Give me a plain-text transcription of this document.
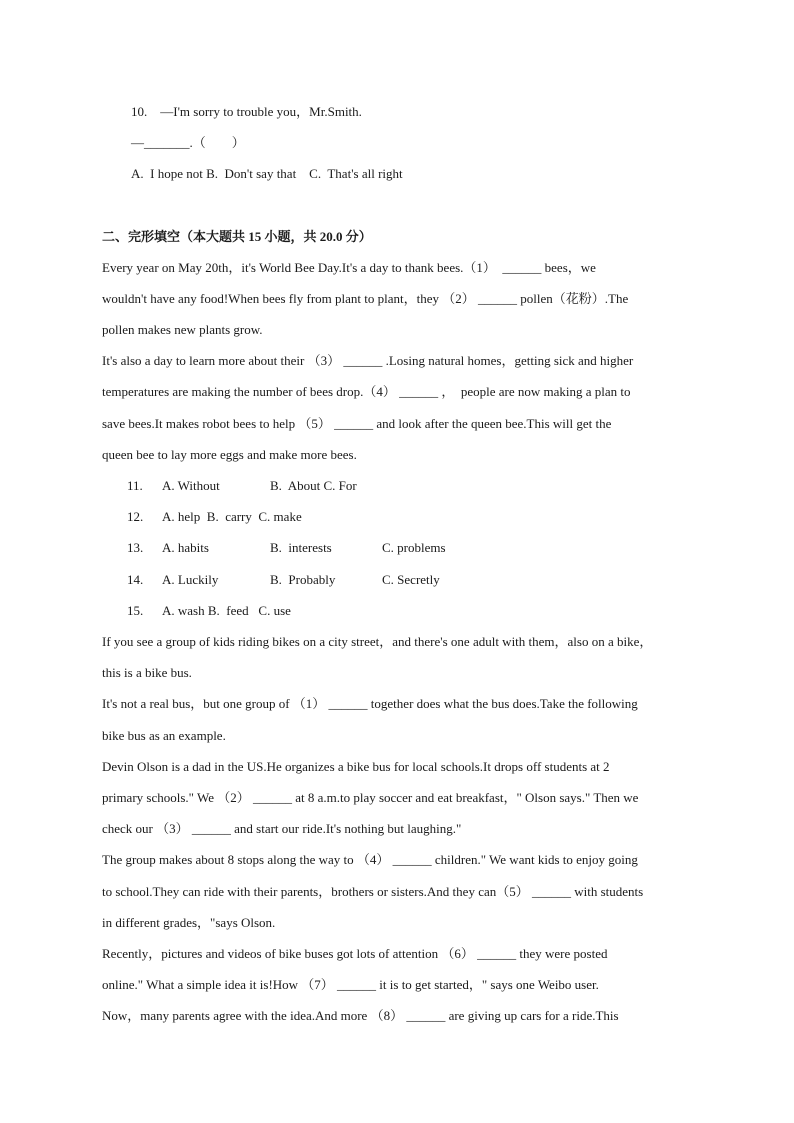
10.    —I'm sorry to trouble you，Mr.Smith.
—_______.（        ）
A.  I hope not B.  Don't say that    C.  That's all right
二、完形填空（本大题共 15 小题，共 20.0 分）
Every year on May 20th，it's World Bee Day.It's a day to thank bees.（1）  ______ bees，we
wouldn't have any food!When bees fly from plant to plant，they （2） ______ pollen（花粉）.The
pollen makes new plants grow.
It's also a day to learn more about their （3） ______ .Losing natural homes，getting sick and higher
temperatures are making the number of bees drop.（4） ______ ，  people are now making a plan to
save bees.It makes robot bees to help （5） ______ and look after the queen bee.This will get the
queen bee to lay more eggs and make more bees.
11. A. Without	B.  About C. For
12. A. help  B.  carry  C. make
13. A. habits	B.  interests	C. problems
14. A. Luckily	B.  Probably	C. Secretly
15. A. wash B.  feed   C. use
If you see a group of kids riding bikes on a city street，and there's one adult with them，also on a bike，
this is a bike bus.
It's not a real bus，but one group of （1） ______ together does what the bus does.Take the following
bike bus as an example.
Devin Olson is a dad in the US.He organizes a bike bus for local schools.It drops off students at 2
primary schools." We （2） ______ at 8 a.m.to play soccer and eat breakfast，" Olson says." Then we
check our （3） ______ and start our ride.It's nothing but laughing."
The group makes about 8 stops along the way to （4） ______ children." We want kids to enjoy going
to school.They can ride with their parents，brothers or sisters.And they can（5） ______ with students
in different grades，"says Olson.
Recently，pictures and videos of bike buses got lots of attention （6） ______ they were posted
online." What a simple idea it is!How （7） ______ it is to get started，" says one Weibo user.
Now，many parents agree with the idea.And more （8） ______ are giving up cars for a ride.This
